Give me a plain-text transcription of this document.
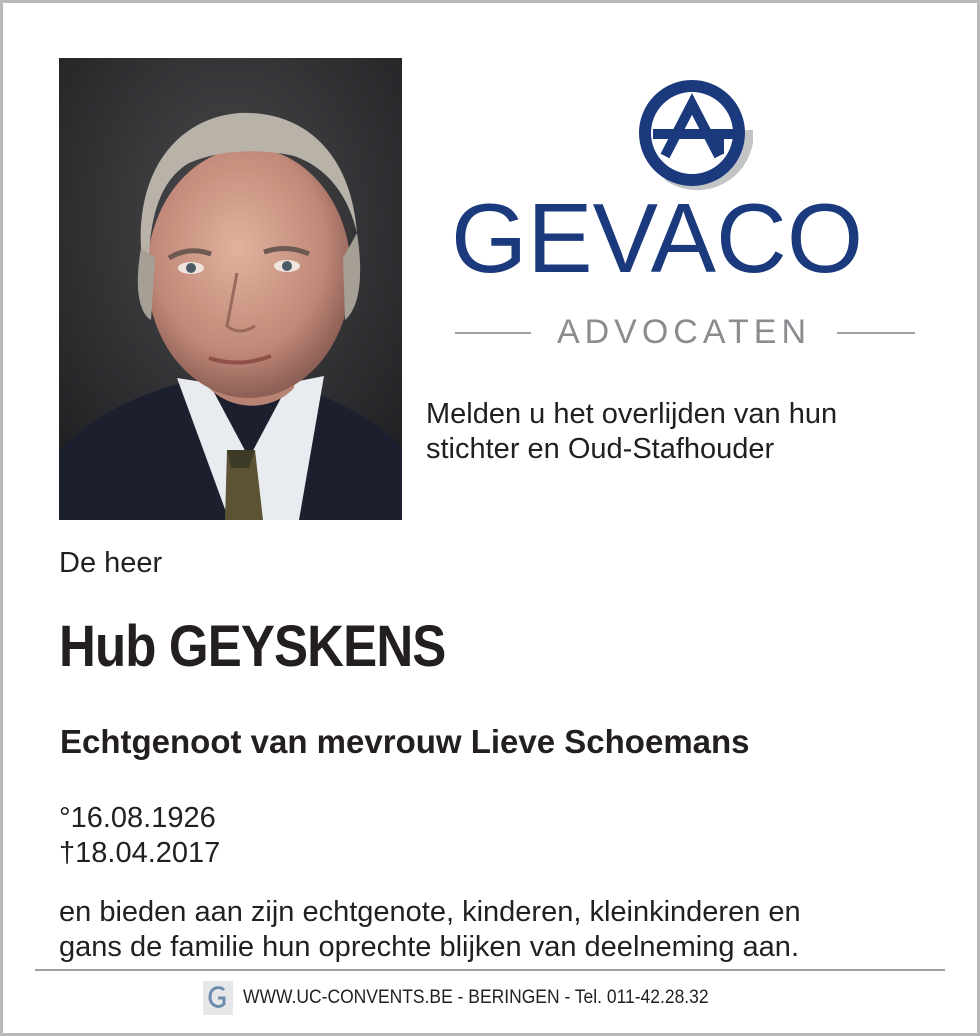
GEVACO
ADVOCATEN
Melden u het overlijden van hun
stichter en Oud-Stafhouder
De heer
Hub GEYSKENS
Echtgenoot van mevrouw Lieve Schoemans
°16.08.1926
†18.04.2017
en bieden aan zijn echtgenote, kinderen, kleinkinderen en
gans de familie hun oprechte blijken van deelneming aan.
WWW.UC-CONVENTS.BE - BERINGEN - Tel. 011-42.28.32
